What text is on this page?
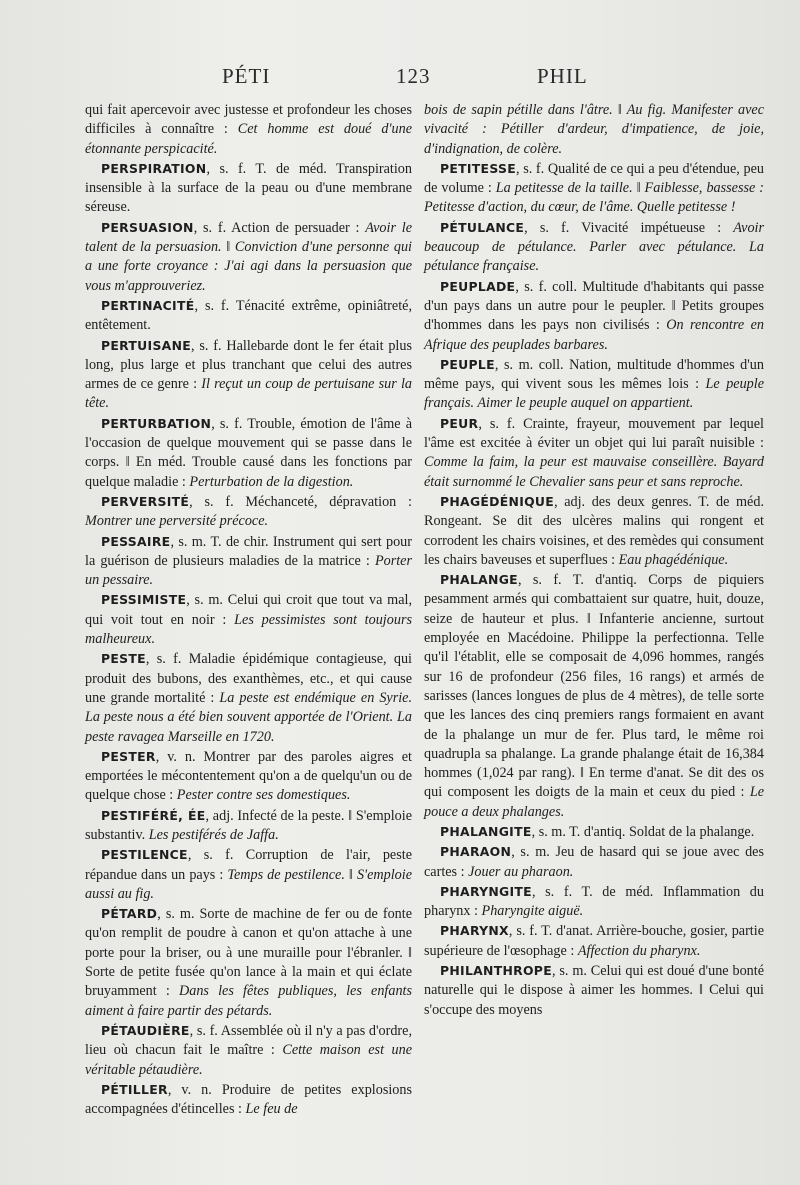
PÉTI	123	PHIL

qui fait apercevoir avec justesse et profondeur les choses difficiles à connaître : Cet homme est doué d'une étonnante perspicacité.

PERSPIRATION, s. f. T. de méd. Transpiration insensible à la surface de la peau ou d'une membrane séreuse.

PERSUASION, s. f. Action de persuader : Avoir le talent de la persuasion. ‖ Conviction d'une personne qui a une forte croyance : J'ai agi dans la persuasion que vous m'approuveriez.

PERTINACITÉ, s. f. Ténacité extrême, opiniâtreté, entêtement.

PERTUISANE, s. f. Hallebarde dont le fer était plus long, plus large et plus tranchant que celui des autres armes de ce genre : Il reçut un coup de pertuisane sur la tête.

PERTURBATION, s. f. Trouble, émotion de l'âme à l'occasion de quelque mouvement qui se passe dans le corps. ‖ En méd. Trouble causé dans les fonctions par quelque maladie : Perturbation de la digestion.

PERVERSITÉ, s. f. Méchanceté, dépravation : Montrer une perversité précoce.

PESSAIRE, s. m. T. de chir. Instrument qui sert pour la guérison de plusieurs maladies de la matrice : Porter un pessaire.

PESSIMISTE, s. m. Celui qui croit que tout va mal, qui voit tout en noir : Les pessimistes sont toujours malheureux.

PESTE, s. f. Maladie épidémique contagieuse, qui produit des bubons, des exanthèmes, etc., et qui cause une grande mortalité : La peste est endémique en Syrie. La peste nous a été bien souvent apportée de l'Orient. La peste ravagea Marseille en 1720.

PESTER, v. n. Montrer par des paroles aigres et emportées le mécontentement qu'on a de quelqu'un ou de quelque chose : Pester contre ses domestiques.

PESTIFÉRÉ, ÉE, adj. Infecté de la peste. ‖ S'emploie substantiv. Les pestiférés de Jaffa.

PESTILENCE, s. f. Corruption de l'air, peste répandue dans un pays : Temps de pestilence. ‖ S'emploie aussi au fig.

PÉTARD, s. m. Sorte de machine de fer ou de fonte qu'on remplit de poudre à canon et qu'on attache à une porte pour la briser, ou à une muraille pour l'ébranler. ‖ Sorte de petite fusée qu'on lance à la main et qui éclate bruyamment : Dans les fêtes publiques, les enfants aiment à faire partir des pétards.

PÉTAUDIÈRE, s. f. Assemblée où il n'y a pas d'ordre, lieu où chacun fait le maître : Cette maison est une véritable pétaudière.

PÉTILLER, v. n. Produire de petites explosions accompagnées d'étincelles : Le feu de

bois de sapin pétille dans l'âtre. ‖ Au fig. Manifester avec vivacité : Pétiller d'ardeur, d'impatience, de joie, d'indignation, de colère.

PETITESSE, s. f. Qualité de ce qui a peu d'étendue, peu de volume : La petitesse de la taille. ‖ Faiblesse, bassesse : Petitesse d'action, du cœur, de l'âme. Quelle petitesse !

PÉTULANCE, s. f. Vivacité impétueuse : Avoir beaucoup de pétulance. Parler avec pétulance. La pétulance française.

PEUPLADE, s. f. coll. Multitude d'habitants qui passe d'un pays dans un autre pour le peupler. ‖ Petits groupes d'hommes dans les pays non civilisés : On rencontre en Afrique des peuplades barbares.

PEUPLE, s. m. coll. Nation, multitude d'hommes d'un même pays, qui vivent sous les mêmes lois : Le peuple français. Aimer le peuple auquel on appartient.

PEUR, s. f. Crainte, frayeur, mouvement par lequel l'âme est excitée à éviter un objet qui lui paraît nuisible : Comme la faim, la peur est mauvaise conseillère. Bayard était surnommé le Chevalier sans peur et sans reproche.

PHAGÉDÉNIQUE, adj. des deux genres. T. de méd. Rongeant. Se dit des ulcères malins qui rongent et corrodent les chairs voisines, et des remèdes qui consument les chairs baveuses et superflues : Eau phagédénique.

PHALANGE, s. f. T. d'antiq. Corps de piquiers pesamment armés qui combattaient sur quatre, huit, douze, seize de hauteur et plus. ‖ Infanterie ancienne, surtout employée en Macédoine. Philippe la perfectionna. Telle qu'il l'établit, elle se composait de 4,096 hommes, rangés sur 16 de profondeur (256 files, 16 rangs) et armés de sarisses (lances longues de plus de 4 mètres), de telle sorte que les lances des cinq premiers rangs formaient en avant de la phalange un mur de fer. Plus tard, le même roi quadrupla sa phalange. La grande phalange était de 16,384 hommes (1,024 par rang). ‖ En terme d'anat. Se dit des os qui composent les doigts de la main et ceux du pied : Le pouce a deux phalanges.

PHALANGITE, s. m. T. d'antiq. Soldat de la phalange.

PHARAON, s. m. Jeu de hasard qui se joue avec des cartes : Jouer au pharaon.

PHARYNGITE, s. f. T. de méd. Inflammation du pharynx : Pharyngite aiguë.

PHARYNX, s. f. T. d'anat. Arrière-bouche, gosier, partie supérieure de l'œsophage : Affection du pharynx.

PHILANTHROPE, s. m. Celui qui est doué d'une bonté naturelle qui le dispose à aimer les hommes. ‖ Celui qui s'occupe des moyens
